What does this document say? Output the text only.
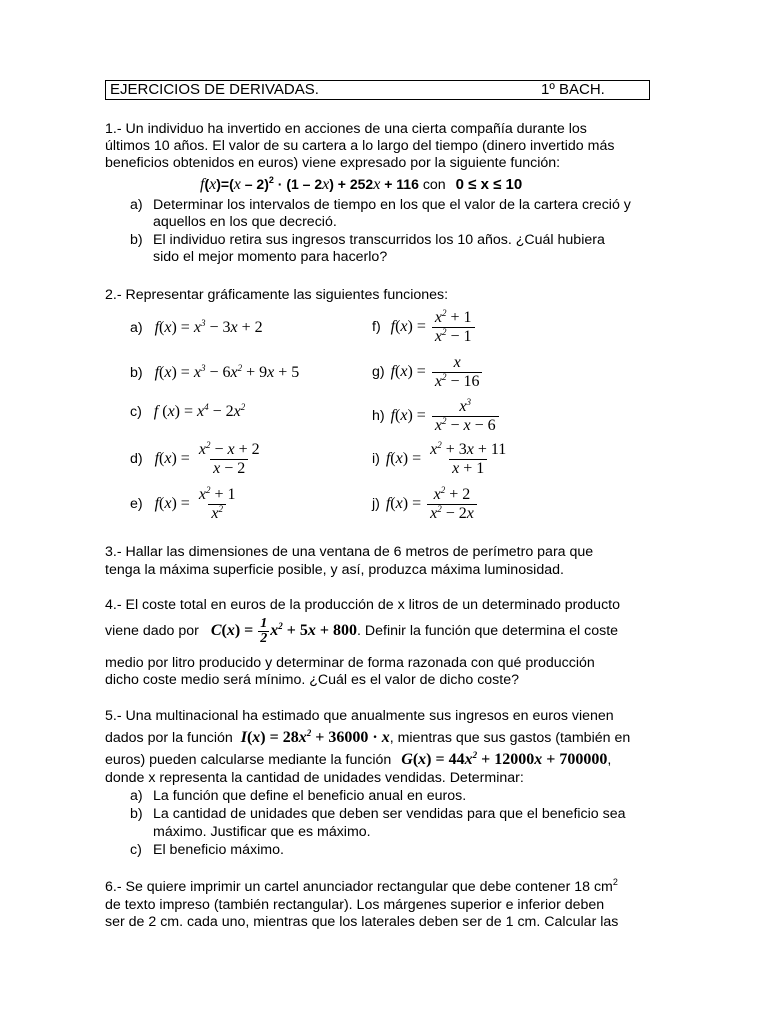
EJERCICIOS DE DERIVADAS.	1º BACH.
1.- Un individuo ha invertido en acciones de una cierta compañía durante los
últimos 10 años. El valor de su cartera a lo largo del tiempo (dinero invertido más
beneficios obtenidos en euros) viene expresado por la siguiente función:
f(x)=(x – 2)$^2$ · (1 – 2x) + 252x + 116 con 0 ≤ x ≤ 10
a) Determinar los intervalos de tiempo en los que el valor de la cartera creció y
aquellos en los que decreció.
b) El individuo retira sus ingresos transcurridos los 10 años. ¿Cuál hubiera
sido el mejor momento para hacerlo?
2.- Representar gráficamente las siguientes funciones:
a) $f(x) = x^3 - 3x + 2$
b) $f(x) = x^3 - 6x^2 + 9x + 5$
c) f $(x) = x^4 - 2x^2$
d) $f(x) = \frac{x^2 - x + 2}{x - 2}$
e) $f(x) = \frac{x^2 + 1}{x^2}$
f) $f(x) = \frac{x^2 + 1}{x^2 - 1}$
g) $f(x) = \frac{x}{x^2 - 16}$
h) $f(x) = \frac{x^3}{x^2 - x - 6}$
i) $f(x) = \frac{x^2 + 3x + 11}{x + 1}$
j) $f(x) = \frac{x^2 + 2}{x^2 - 2x}$
3.- Hallar las dimensiones de una ventana de 6 metros de perímetro para que
tenga la máxima superficie posible, y así, produzca máxima luminosidad.
4.- El coste total en euros de la producción de x litros de un determinado producto
viene dado por $C(x) = \frac{1}{2} x^2 + 5x + 800$. Definir la función que determina el coste
medio por litro producido y determinar de forma razonada con qué producción
dicho coste medio será mínimo. ¿Cuál es el valor de dicho coste?
5.- Una multinacional ha estimado que anualmente sus ingresos en euros vienen
dados por la función $I(x) = 28x^2 + 36000 \cdot x$, mientras que sus gastos (también en
euros) pueden calcularse mediante la función $G(x) = 44x^2 + 12000x + 700000$,
donde x representa la cantidad de unidades vendidas. Determinar:
a) La función que define el beneficio anual en euros.
b) La cantidad de unidades que deben ser vendidas para que el beneficio sea
máximo. Justificar que es máximo.
c) El beneficio máximo.
6.- Se quiere imprimir un cartel anunciador rectangular que debe contener 18 $cm^2$
de texto impreso (también rectangular). Los márgenes superior e inferior deben
ser de 2 cm. cada uno, mientras que los laterales deben ser de 1 cm. Calcular las
